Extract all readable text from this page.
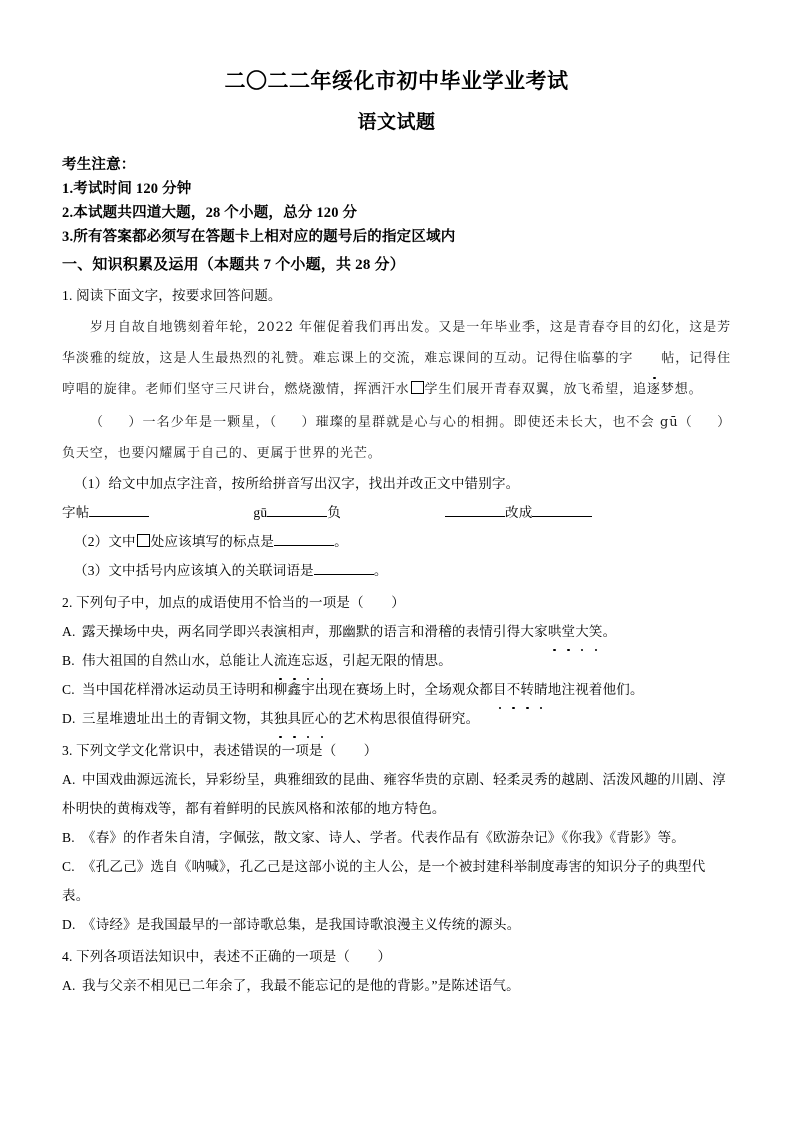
二〇二二年绥化市初中毕业学业考试
语文试题

考生注意：

1.考试时间 120 分钟

2.本试题共四道大题，28 个小题，总分 120 分

3.所有答案都必须写在答题卡上相对应的题号后的指定区域内

一、知识积累及运用（本题共 7 个小题，共 28 分）

1. 阅读下面文字，按要求回答问题。

岁月自故自地镌刻着年轮，2022 年催促着我们再出发。又是一年毕业季，这是青春夺目的幻化，这是芳华淡雅的绽放，这是人生最热烈的礼赞。难忘课上的交流，难忘课间的互动。记得住临摹的字 帖，记得住哼唱的旋律。老师们坚守三尺讲台，燃烧激情，挥洒汗水 学生们展开青春双翼，放飞希望，追逐梦想。

（ ）一名少年是一颗星，（ ）璀璨的星群就是心与心的相拥。即使还未长大，也不会 gū（ ）负天空，也要闪耀属于自己的、更属于世界的光芒。

（1）给文中加点字注音，按所给拼音写出汉字，找出并改正文中错别字。

字帖	gū	负	改成

（2）文中 处应该填写的标点是	。

（3）文中括号内应该填入的关联词语是	。

2. 下列句子中，加点的成语使用不恰当的一项是（　　）

A. 露天操场中央，两名同学即兴表演相声，那幽默的语言和滑稽的表情引得大家哄堂大笑。

B. 伟大祖国的自然山水，总能让人流连忘返，引起无限的情思。

C. 当中国花样滑冰运动员王诗明和柳鑫宇出现在赛场上时，全场观众都目不转睛地注视着他们。

D. 三星堆遗址出土的青铜文物，其独具匠心的艺术构思很值得研究。

3. 下列文学文化常识中，表述错误的一项是（　　）

A. 中国戏曲源远流长，异彩纷呈，典雅细致的昆曲、雍容华贵的京剧、轻柔灵秀的越剧、活泼风趣的川剧、淳朴明快的黄梅戏等，都有着鲜明的民族风格和浓郁的地方特色。

B. 《春》的作者朱自清，字佩弦，散文家、诗人、学者。代表作品有《欧游杂记》《你我》《背影》等。

C. 《孔乙己》选自《呐喊》，孔乙己是这部小说的主人公，是一个被封建科举制度毒害的知识分子的典型代表。

D. 《诗经》是我国最早的一部诗歌总集，是我国诗歌浪漫主义传统的源头。

4. 下列各项语法知识中，表述不正确的一项是（　　）

A. 我与父亲不相见已二年余了，我最不能忘记的是他的背影。”是陈述语气。
